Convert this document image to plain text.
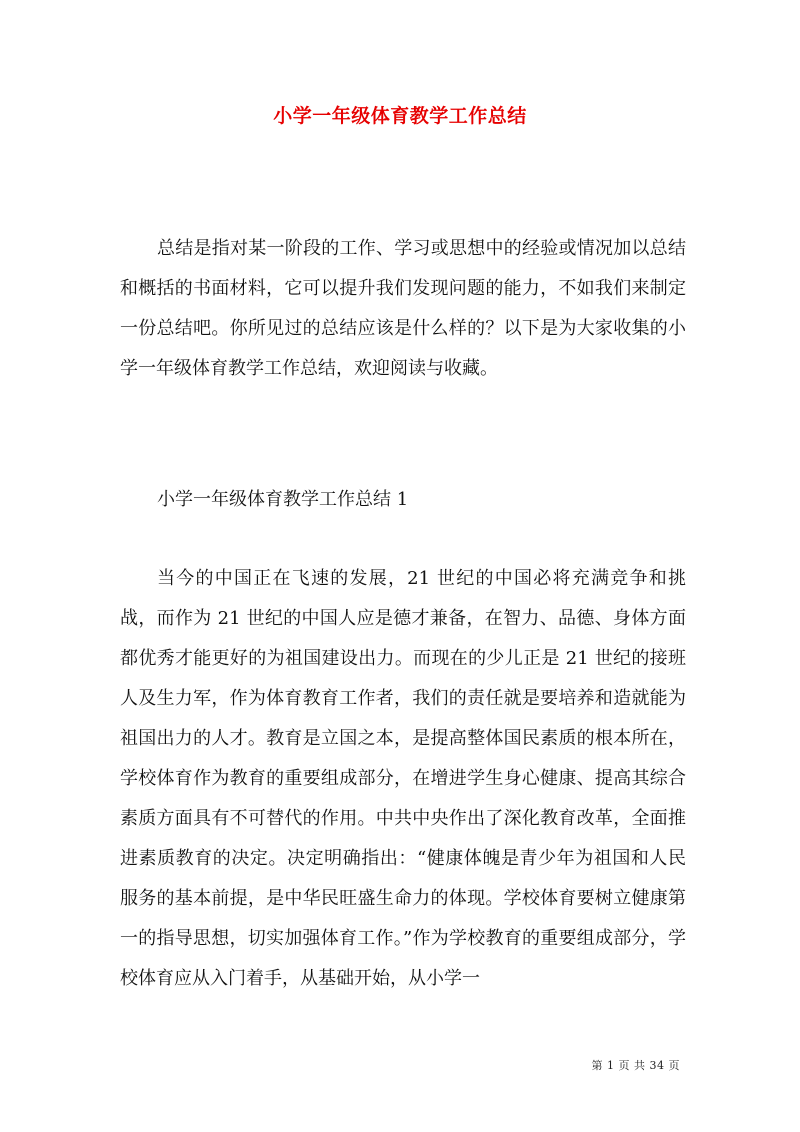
小学一年级体育教学工作总结

总结是指对某一阶段的工作、学习或思想中的经验或情况加以总结和概括的书面材料，它可以提升我们发现问题的能力，不如我们来制定一份总结吧。你所见过的总结应该是什么样的？以下是为大家收集的小学一年级体育教学工作总结，欢迎阅读与收藏。

小学一年级体育教学工作总结 1

当今的中国正在飞速的发展，21 世纪的中国必将充满竞争和挑战，而作为 21 世纪的中国人应是德才兼备，在智力、品德、身体方面都优秀才能更好的为祖国建设出力。而现在的少儿正是 21 世纪的接班人及生力军，作为体育教育工作者，我们的责任就是要培养和造就能为祖国出力的人才。教育是立国之本，是提高整体国民素质的根本所在，学校体育作为教育的重要组成部分，在增进学生身心健康、提高其综合素质方面具有不可替代的作用。中共中央作出了深化教育改革，全面推进素质教育的决定。决定明确指出：“健康体魄是青少年为祖国和人民服务的基本前提，是中华民旺盛生命力的体现。学校体育要树立健康第一的指导思想，切实加强体育工作。”作为学校教育的重要组成部分，学校体育应从入门着手，从基础开始，从小学一

第 1 页 共 34 页
